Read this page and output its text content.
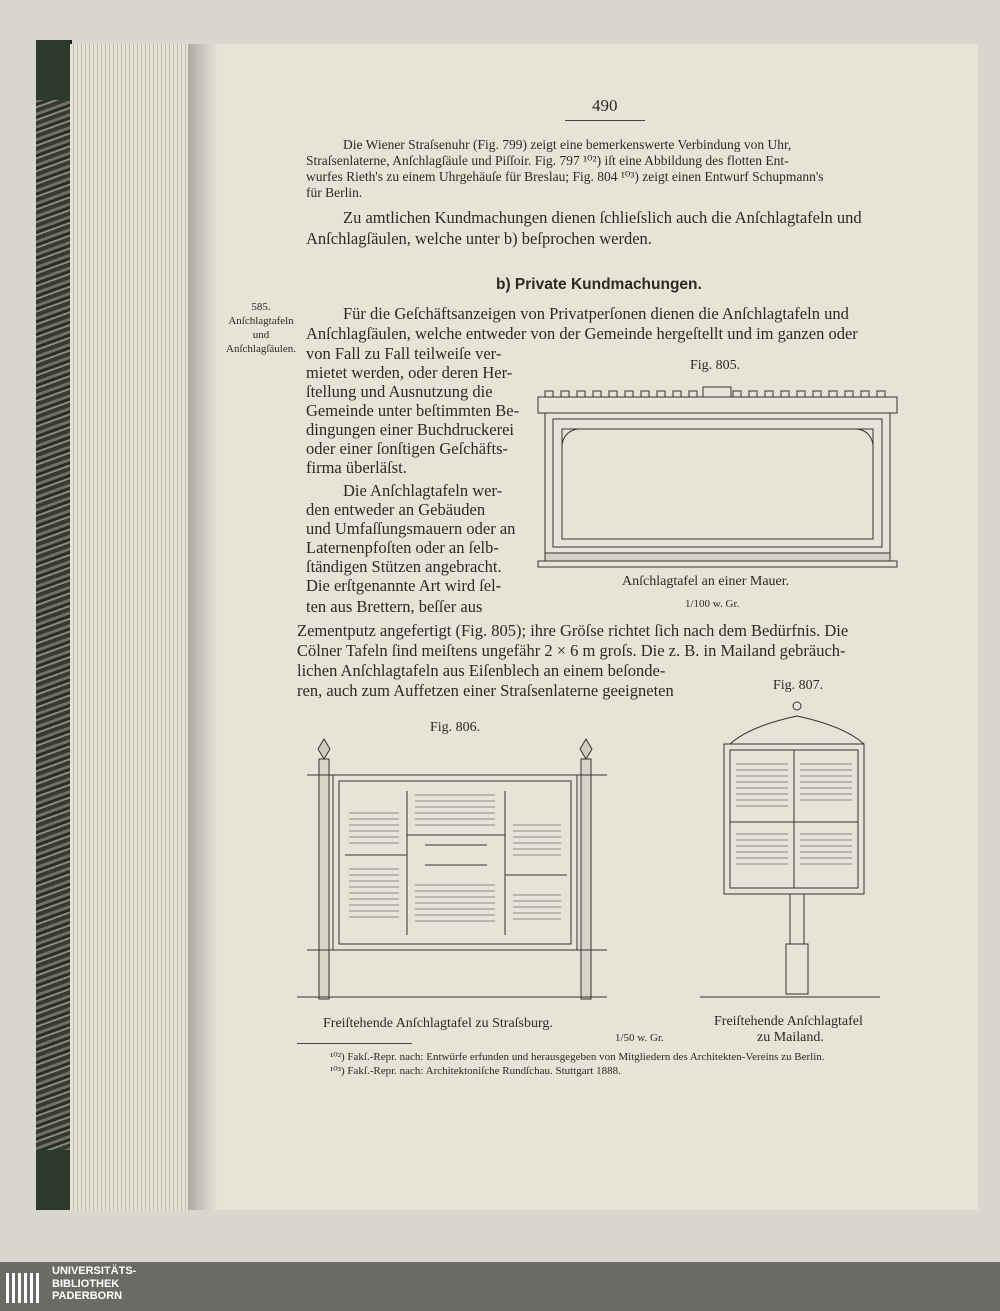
490
Die Wiener Straſsenuhr (Fig. 799) zeigt eine bemerkenswerte Verbindung von Uhr,
Straſsenlaterne, Anſchlagſäule und Piſſoir. Fig. 797 ¹⁰²) iſt eine Abbildung des flotten Ent-
wurfes Rieth's zu einem Uhrgehäuſe für Breslau; Fig. 804 ¹⁰³) zeigt einen Entwurf Schupmann's
für Berlin.
Zu amtlichen Kundmachungen dienen ſchlieſslich auch die Anſchlagtafeln und
Anſchlagſäulen, welche unter b) beſprochen werden.
b) Private Kundmachungen.
585.
Anſchlagtafeln
und
Anſchlagſäulen.
Für die Geſchäftsanzeigen von Privatperſonen dienen die Anſchlagtafeln und
Anſchlagſäulen, welche entweder von der Gemeinde hergeſtellt und im ganzen oder
von Fall zu Fall teilweiſe ver-
mietet werden, oder deren Her-
ſtellung und Ausnutzung die
Gemeinde unter beſtimmten Be-
dingungen einer Buchdruckerei
oder einer ſonſtigen Geſchäfts-
firma überläſst.
Die Anſchlagtafeln wer-
den entweder an Gebäuden
und Umfaſſungsmauern oder an
Laternenpfoſten oder an ſelb-
ſtändigen Stützen angebracht.
Die erſtgenannte Art wird ſel-
ten aus Brettern, beſſer aus
Zementputz angefertigt (Fig. 805); ihre Gröſse richtet ſich nach dem Bedürfnis. Die
Cölner Tafeln ſind meiſtens ungefähr 2 × 6 m groſs. Die z. B. in Mailand gebräuch-
lichen Anſchlagtafeln aus Eiſenblech an einem beſonde-
ren, auch zum Auffetzen einer Straſsenlaterne geeigneten
Fig. 805.
Anſchlagtafel an einer Mauer.
1/100 w. Gr.
Fig. 806.
Freiſtehende Anſchlagtafel zu Straſsburg.
1/50 w. Gr.
Fig. 807.
Freiſtehende Anſchlagtafel
zu Mailand.
¹⁰²) Fakſ.-Repr. nach: Entwürfe erfunden und herausgegeben von Mitgliedern des Architekten-Vereins zu Berlin.
¹⁰³) Fakſ.-Repr. nach: Architektoniſche Rundſchau. Stuttgart 1888.
UNIVERSITÄTS-
BIBLIOTHEK
PADERBORN
